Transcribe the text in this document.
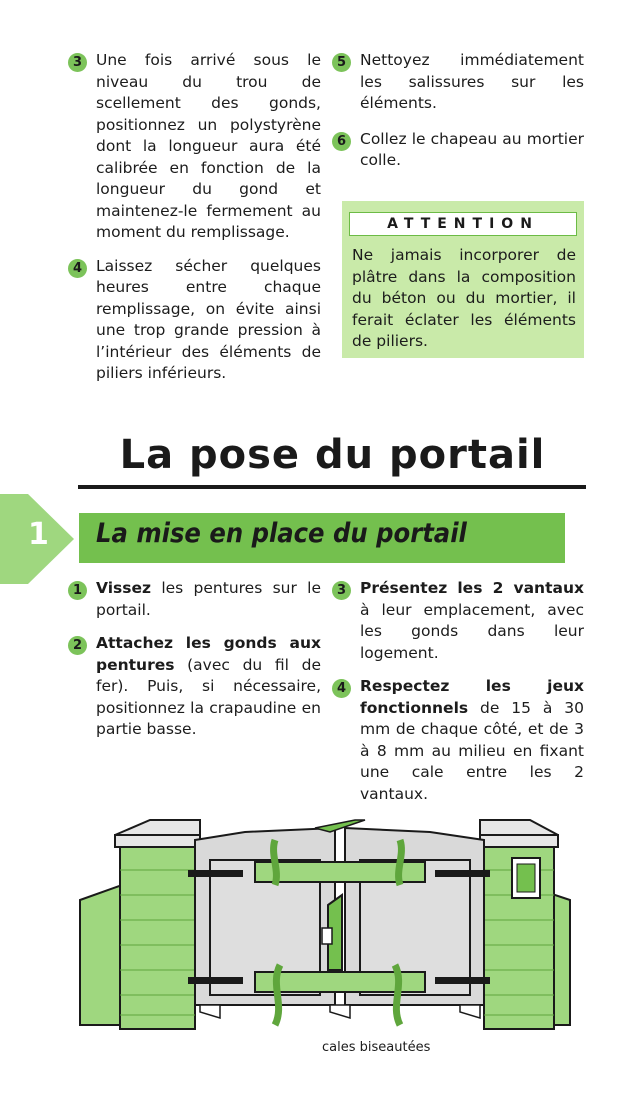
3 Une fois arrivé sous le niveau du trou de scellement des gonds, positionnez un polystyrène dont la longueur aura été calibrée en fonction de la longueur du gond et maintenez-le fermement au moment du remplissage.

4 Laissez sécher quelques heures entre chaque remplissage, on évite ainsi une trop grande pression à l’intérieur des éléments de piliers inférieurs.

5 Nettoyez immédiatement les salissures sur les éléments.

6 Collez le chapeau au mortier colle.

ATTENTION
Ne jamais incorporer de plâtre dans la composition du béton ou du mortier, il ferait éclater les éléments de piliers.
La pose du portail
1 La mise en place du portail
1 Vissez les pentures sur le portail.

2 Attachez les gonds aux pentures (avec du fil de fer). Puis, si nécessaire, positionnez la crapaudine en partie basse.

3 Présentez les 2 vantaux à leur emplacement, avec les gonds dans leur logement.

4 Respectez les jeux fonctionnels de 15 à 30 mm de chaque côté, et de 3 à 8 mm au milieu en fixant une cale entre les 2 vantaux.

cales biseautées
